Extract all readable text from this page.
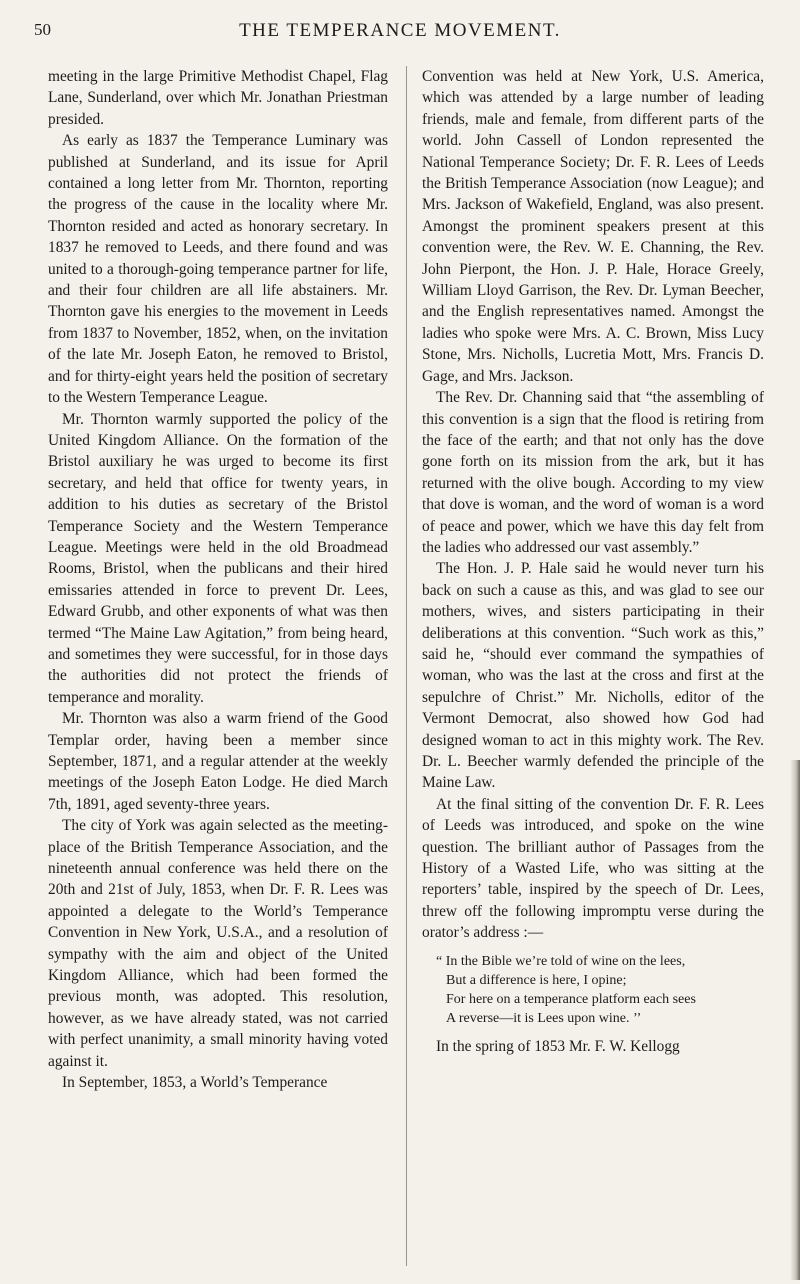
50	THE TEMPERANCE MOVEMENT.

meeting in the large Primitive Methodist Chapel, Flag Lane, Sunderland, over which Mr. Jonathan Priestman presided.

As early as 1837 the Temperance Luminary was published at Sunderland, and its issue for April contained a long letter from Mr. Thornton, reporting the progress of the cause in the locality where Mr. Thornton resided and acted as honorary secretary. In 1837 he removed to Leeds, and there found and was united to a thorough-going temperance partner for life, and their four children are all life abstainers. Mr. Thornton gave his energies to the movement in Leeds from 1837 to November, 1852, when, on the invitation of the late Mr. Joseph Eaton, he removed to Bristol, and for thirty-eight years held the position of secretary to the Western Temperance League.

Mr. Thornton warmly supported the policy of the United Kingdom Alliance. On the formation of the Bristol auxiliary he was urged to become its first secretary, and held that office for twenty years, in addition to his duties as secretary of the Bristol Temperance Society and the Western Temperance League. Meetings were held in the old Broadmead Rooms, Bristol, when the publicans and their hired emissaries attended in force to prevent Dr. Lees, Edward Grubb, and other exponents of what was then termed “The Maine Law Agitation,” from being heard, and sometimes they were successful, for in those days the authorities did not protect the friends of temperance and morality.

Mr. Thornton was also a warm friend of the Good Templar order, having been a member since September, 1871, and a regular attender at the weekly meetings of the Joseph Eaton Lodge. He died March 7th, 1891, aged seventy-three years.

The city of York was again selected as the meeting-place of the British Temperance Association, and the nineteenth annual conference was held there on the 20th and 21st of July, 1853, when Dr. F. R. Lees was appointed a delegate to the World’s Temperance Convention in New York, U.S.A., and a resolution of sympathy with the aim and object of the United Kingdom Alliance, which had been formed the previous month, was adopted. This resolution, however, as we have already stated, was not carried with perfect unanimity, a small minority having voted against it.

In September, 1853, a World’s Temperance

Convention was held at New York, U.S. America, which was attended by a large number of leading friends, male and female, from different parts of the world. John Cassell of London represented the National Temperance Society; Dr. F. R. Lees of Leeds the British Temperance Association (now League); and Mrs. Jackson of Wakefield, England, was also present. Amongst the prominent speakers present at this convention were, the Rev. W. E. Channing, the Rev. John Pierpont, the Hon. J. P. Hale, Horace Greely, William Lloyd Garrison, the Rev. Dr. Lyman Beecher, and the English representatives named. Amongst the ladies who spoke were Mrs. A. C. Brown, Miss Lucy Stone, Mrs. Nicholls, Lucretia Mott, Mrs. Francis D. Gage, and Mrs. Jackson.

The Rev. Dr. Channing said that “the assembling of this convention is a sign that the flood is retiring from the face of the earth; and that not only has the dove gone forth on its mission from the ark, but it has returned with the olive bough. According to my view that dove is woman, and the word of woman is a word of peace and power, which we have this day felt from the ladies who addressed our vast assembly.”

The Hon. J. P. Hale said he would never turn his back on such a cause as this, and was glad to see our mothers, wives, and sisters participating in their deliberations at this convention. “Such work as this,” said he, “should ever command the sympathies of woman, who was the last at the cross and first at the sepulchre of Christ.” Mr. Nicholls, editor of the Vermont Democrat, also showed how God had designed woman to act in this mighty work. The Rev. Dr. L. Beecher warmly defended the principle of the Maine Law.

At the final sitting of the convention Dr. F. R. Lees of Leeds was introduced, and spoke on the wine question. The brilliant author of Passages from the History of a Wasted Life, who was sitting at the reporters’ table, inspired by the speech of Dr. Lees, threw off the following impromptu verse during the orator’s address :—

“ In the Bible we’re told of wine on the lees,
But a difference is here, I opine;
For here on a temperance platform each sees
A reverse—it is Lees upon wine. ’’

In the spring of 1853 Mr. F. W. Kellogg
